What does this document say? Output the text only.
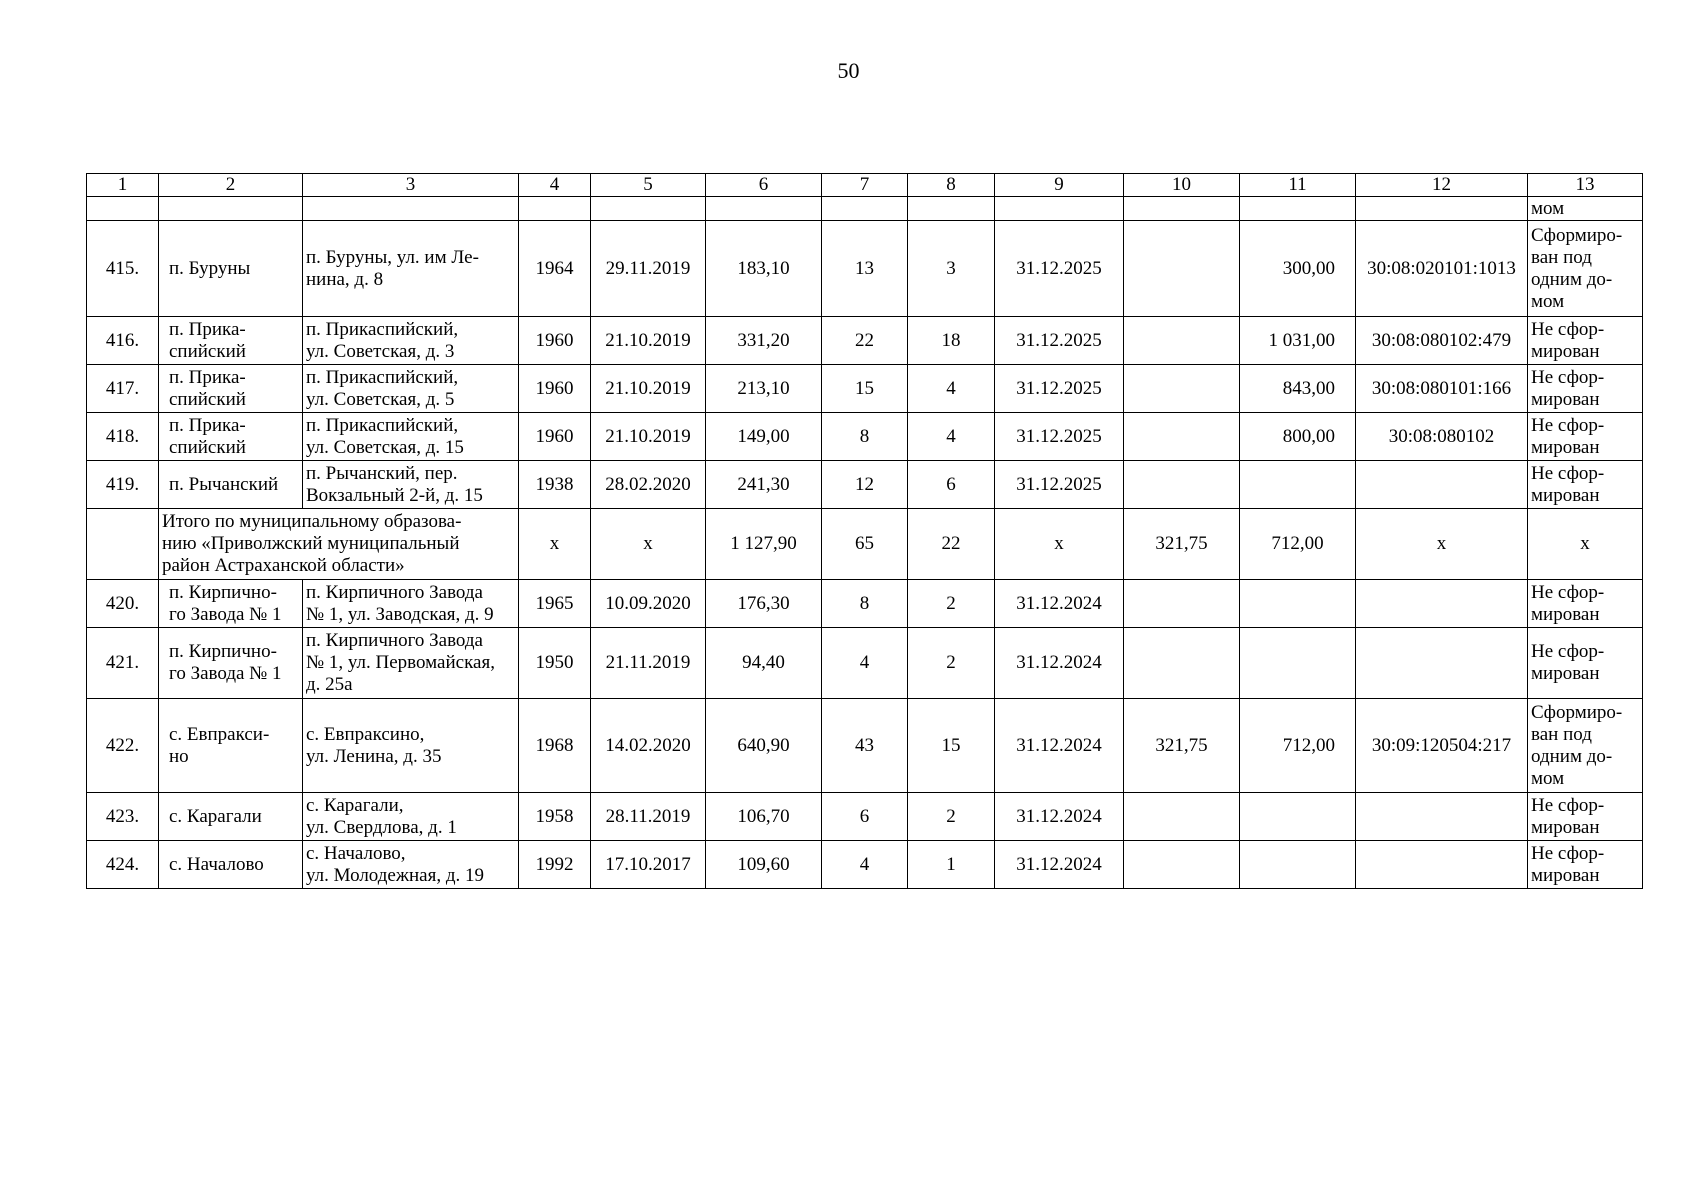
50
1	2	3	4	5	6	7	8	9	10	11	12	13
												мом
415.	п. Буруны	п. Буруны, ул. им Ле-
нина, д. 8	1964	29.11.2019	183,10	13	3	31.12.2025		300,00	30:08:020101:1013	Сформиро-
ван под
одним до-
мом
416.	п. Прика-
спийский	п. Прикаспийский,
ул. Советская, д. 3	1960	21.10.2019	331,20	22	18	31.12.2025		1 031,00	30:08:080102:479	Не сфор-
мирован
417.	п. Прика-
спийский	п. Прикаспийский,
ул. Советская, д. 5	1960	21.10.2019	213,10	15	4	31.12.2025		843,00	30:08:080101:166	Не сфор-
мирован
418.	п. Прика-
спийский	п. Прикаспийский,
ул. Советская, д. 15	1960	21.10.2019	149,00	8	4	31.12.2025		800,00	30:08:080102	Не сфор-
мирован
419.	п. Рычанский	п. Рычанский, пер.
Вокзальный 2-й, д. 15	1938	28.02.2020	241,30	12	6	31.12.2025				Не сфор-
мирован
	Итого по муниципальному образова-
нию «Приволжский муниципальный
район Астраханской области»		x	x	1 127,90	65	22	x	321,75	712,00	x	x
420.	п. Кирпично-
го Завода № 1	п. Кирпичного Завода
№ 1, ул. Заводская, д. 9	1965	10.09.2020	176,30	8	2	31.12.2024				Не сфор-
мирован
421.	п. Кирпично-
го Завода № 1	п. Кирпичного Завода
№ 1, ул. Первомайская,
д. 25а	1950	21.11.2019	94,40	4	2	31.12.2024				Не сфор-
мирован
422.	с. Евпракси-
но	с. Евпраксино,
ул. Ленина, д. 35	1968	14.02.2020	640,90	43	15	31.12.2024	321,75	712,00	30:09:120504:217	Сформиро-
ван под
одним до-
мом
423.	с. Карагали	с. Карагали,
ул. Свердлова, д. 1	1958	28.11.2019	106,70	6	2	31.12.2024				Не сфор-
мирован
424.	с. Началово	с. Началово,
ул. Молодежная, д. 19	1992	17.10.2017	109,60	4	1	31.12.2024				Не сфор-
мирован
